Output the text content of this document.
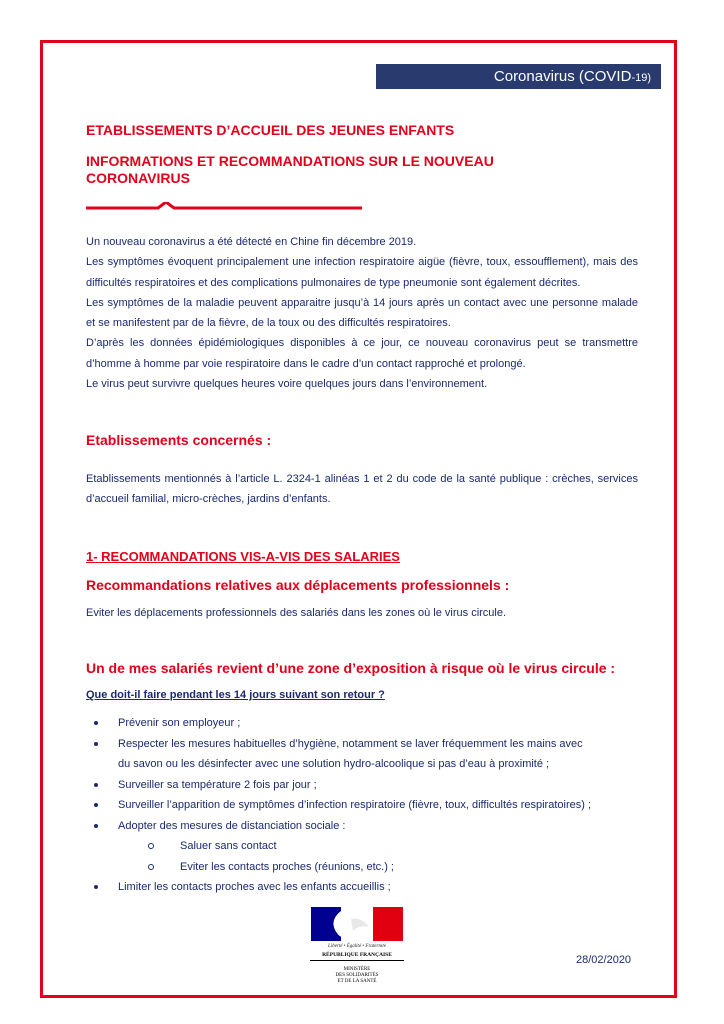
Coronavirus (COVID-19)
ETABLISSEMENTS D’ACCUEIL DES JEUNES ENFANTS
INFORMATIONS ET RECOMMANDATIONS SUR LE NOUVEAU CORONAVIRUS

Un nouveau coronavirus a été détecté en Chine fin décembre 2019.

Les symptômes évoquent principalement une infection respiratoire aigüe (fièvre, toux, essoufflement), mais des difficultés respiratoires et des complications pulmonaires de type pneumonie sont également décrites.

Les symptômes de la maladie peuvent apparaitre jusqu’à 14 jours après un contact avec une personne malade et se manifestent par de la fièvre, de la toux ou des difficultés respiratoires.

D’après les données épidémiologiques disponibles à ce jour, ce nouveau coronavirus peut se transmettre d’homme à homme par voie respiratoire dans le cadre d’un contact rapproché et prolongé.

Le virus peut survivre quelques heures voire quelques jours dans l’environnement.

Etablissements concernés :
Etablissements mentionnés à l’article L. 2324-1 alinéas 1 et 2 du code de la santé publique : crèches, services d’accueil familial, micro-crèches, jardins d’enfants.
1- RECOMMANDATIONS VIS-A-VIS DES SALARIES
Recommandations relatives aux déplacements professionnels :
Eviter les déplacements professionnels des salariés dans les zones où le virus circule.
Un de mes salariés revient d’une zone d’exposition à risque où le virus circule :
Que doit-il faire pendant les 14 jours suivant son retour ?
Prévenir son employeur ;
Respecter les mesures habituelles d’hygiène, notamment se laver fréquemment les mains avec
du savon ou les désinfecter avec une solution hydro-alcoolique si pas d’eau à proximité ;
Surveiller sa température 2 fois par jour ;
Surveiller l’apparition de symptômes d’infection respiratoire (fièvre, toux, difficultés respiratoires) ;
Adopter des mesures de distanciation sociale :
Saluer sans contact
Eviter les contacts proches (réunions, etc.) ;
Limiter les contacts proches avec les enfants accueillis ;
Liberté • Égalité • Fraternité
RÉPUBLIQUE FRANÇAISE
MINISTÈRE
DES SOLIDARITÉS
ET DE LA SANTÉ
28/02/2020
